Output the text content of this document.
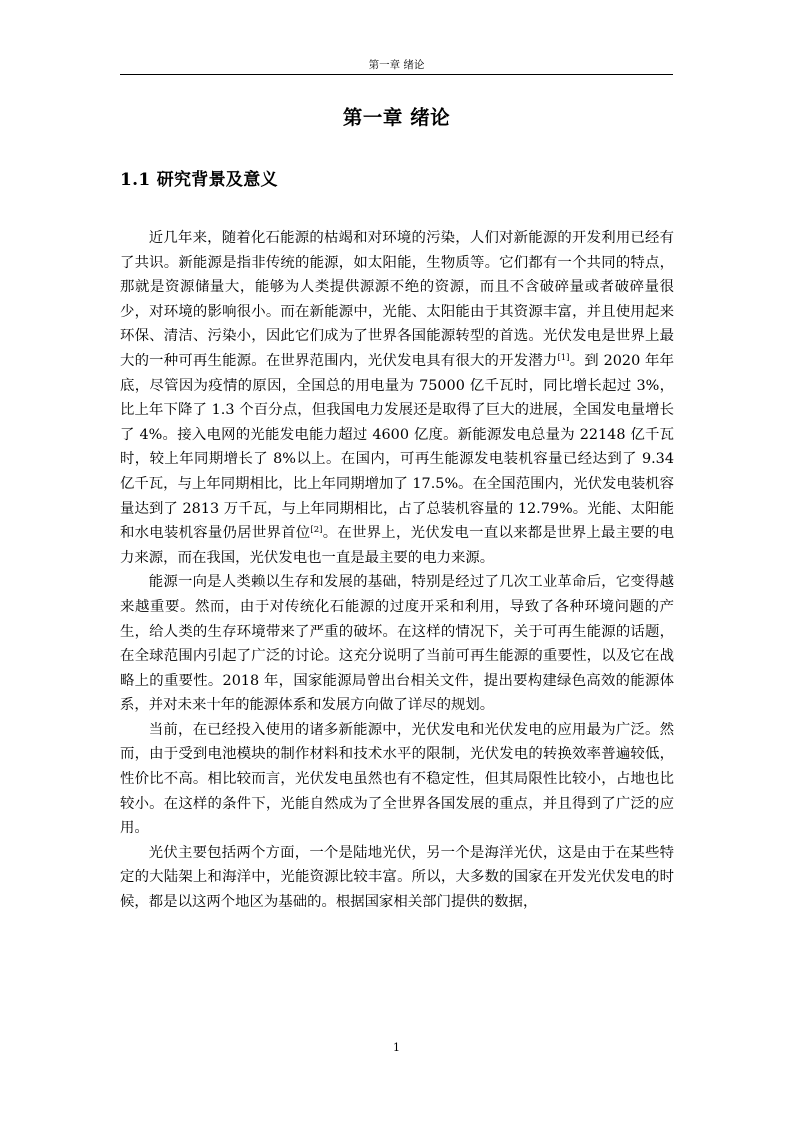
第一章 绪论
第一章 绪论
1.1 研究背景及意义

近几年来，随着化石能源的枯竭和对环境的污染，人们对新能源的开发利用已经有了共识。新能源是指非传统的能源，如太阳能，生物质等。它们都有一个共同的特点，那就是资源储量大，能够为人类提供源源不绝的资源，而且不含破碎量或者破碎量很少，对环境的影响很小。而在新能源中，光能、太阳能由于其资源丰富，并且使用起来环保、清洁、污染小，因此它们成为了世界各国能源转型的首选。光伏发电是世界上最大的一种可再生能源。在世界范围内，光伏发电具有很大的开发潜力[1]。到 2020 年年底，尽管因为疫情的原因，全国总的用电量为 75000 亿千瓦时，同比增长起过 3%，比上年下降了 1.3 个百分点，但我国电力发展还是取得了巨大的进展，全国发电量增长了 4%。接入电网的光能发电能力超过 4600 亿度。新能源发电总量为 22148 亿千瓦时，较上年同期增长了 8%以上。在国内，可再生能源发电装机容量已经达到了 9.34 亿千瓦，与上年同期相比，比上年同期增加了 17.5%。在全国范围内，光伏发电装机容量达到了 2813 万千瓦，与上年同期相比，占了总装机容量的 12.79%。光能、太阳能和水电装机容量仍居世界首位[2]。在世界上，光伏发电一直以来都是世界上最主要的电力来源，而在我国，光伏发电也一直是最主要的电力来源。

能源一向是人类赖以生存和发展的基础，特别是经过了几次工业革命后，它变得越来越重要。然而，由于对传统化石能源的过度开采和利用，导致了各种环境问题的产生，给人类的生存环境带来了严重的破坏。在这样的情况下，关于可再生能源的话题，在全球范围内引起了广泛的讨论。这充分说明了当前可再生能源的重要性，以及它在战略上的重要性。2018 年，国家能源局曾出台相关文件，提出要构建绿色高效的能源体系，并对未来十年的能源体系和发展方向做了详尽的规划。

当前，在已经投入使用的诸多新能源中，光伏发电和光伏发电的应用最为广泛。然而，由于受到电池模块的制作材料和技术水平的限制，光伏发电的转换效率普遍较低，性价比不高。相比较而言，光伏发电虽然也有不稳定性，但其局限性比较小，占地也比较小。在这样的条件下，光能自然成为了全世界各国发展的重点，并且得到了广泛的应用。

光伏主要包括两个方面，一个是陆地光伏，另一个是海洋光伏，这是由于在某些特定的大陆架上和海洋中，光能资源比较丰富。所以，大多数的国家在开发光伏发电的时候，都是以这两个地区为基础的。根据国家相关部门提供的数据，

1
